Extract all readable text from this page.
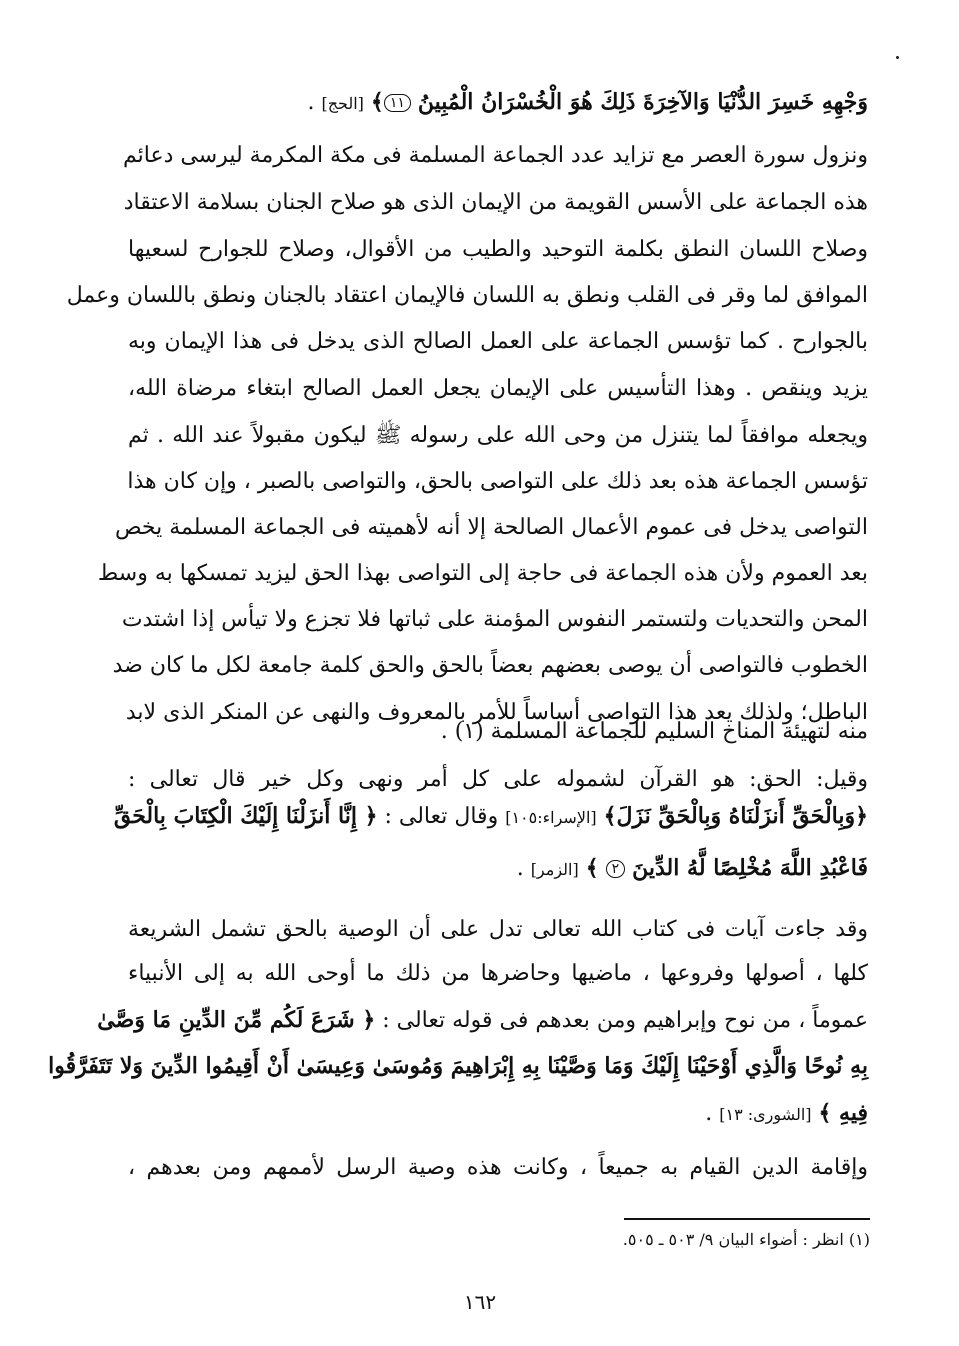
وَجْهِهِ خَسِرَ الدُّنْيَا وَالآخِرَةَ ذَلِكَ هُوَ الْخُسْرَانُ الْمُبِينُ ١١﴾ [الحج] .
ونزول سورة العصر مع تزايد عدد الجماعة المسلمة فى مكة المكرمة ليرسى دعائم
هذه الجماعة على الأسس القويمة من الإيمان الذى هو صلاح الجنان بسلامة الاعتقاد
وصلاح اللسان النطق بكلمة التوحيد والطيب من الأقوال، وصلاح للجوارح لسعيها
الموافق لما وقر فى القلب ونطق به اللسان فالإيمان اعتقاد بالجنان ونطق باللسان وعمل
بالجوارح . كما تؤسس الجماعة على العمل الصالح الذى يدخل فى هذا الإيمان وبه
يزيد وينقص . وهذا التأسيس على الإيمان يجعل العمل الصالح ابتغاء مرضاة الله،
ويجعله موافقاً لما يتنزل من وحى الله على رسوله ﷺ ليكون مقبولاً عند الله . ثم
تؤسس الجماعة هذه بعد ذلك على التواصى بالحق، والتواصى بالصبر ، وإن كان هذا
التواصى يدخل فى عموم الأعمال الصالحة إلا أنه لأهميته فى الجماعة المسلمة يخص
بعد العموم ولأن هذه الجماعة فى حاجة إلى التواصى بهذا الحق ليزيد تمسكها به وسط
المحن والتحديات ولتستمر النفوس المؤمنة على ثباتها فلا تجزع ولا تيأس إذا اشتدت
الخطوب فالتواصى أن يوصى بعضهم بعضاً بالحق والحق كلمة جامعة لكل ما كان ضد
الباطل؛ ولذلك يعد هذا التواصى أساساً للأمر بالمعروف والنهى عن المنكر الذى لابد
منه لتهيئة المناخ السليم للجماعة المسلمة (١) .
وقيل: الحق: هو القرآن لشموله على كل أمر ونهى وكل خير قال تعالى :
﴿وَبِالْحَقِّ أَنزَلْنَاهُ وَبِالْحَقِّ نَزَلَ﴾ [الإسراء:١٠٥] وقال تعالى : ﴿ إِنَّا أَنزَلْنَا إِلَيْكَ الْكِتَابَ بِالْحَقِّ
فَاعْبُدِ اللَّهَ مُخْلِصًا لَّهُ الدِّينَ ٢ ﴾ [الزمر] .
وقد جاءت آيات فى كتاب الله تعالى تدل على أن الوصية بالحق تشمل الشريعة
كلها ، أصولها وفروعها ، ماضيها وحاضرها من ذلك ما أوحى الله به إلى الأنبياء
عموماً ، من نوح وإبراهيم ومن بعدهم فى قوله تعالى : ﴿ شَرَعَ لَكُم مِّنَ الدِّينِ مَا وَصَّىٰ
بِهِ نُوحًا وَالَّذِي أَوْحَيْنَا إِلَيْكَ وَمَا وَصَّيْنَا بِهِ إِبْرَاهِيمَ وَمُوسَىٰ وَعِيسَىٰ أَنْ أَقِيمُوا الدِّينَ وَلا تَتَفَرَّقُوا
فِيهِ ﴾ [الشورى: ١٣] .
وإقامة الدين القيام به جميعاً ، وكانت هذه وصية الرسل لأممهم ومن بعدهم ،
(١) انظر : أضواء البيان ٩/ ٥٠٣ ـ ٥٠٥.
١٦٢
